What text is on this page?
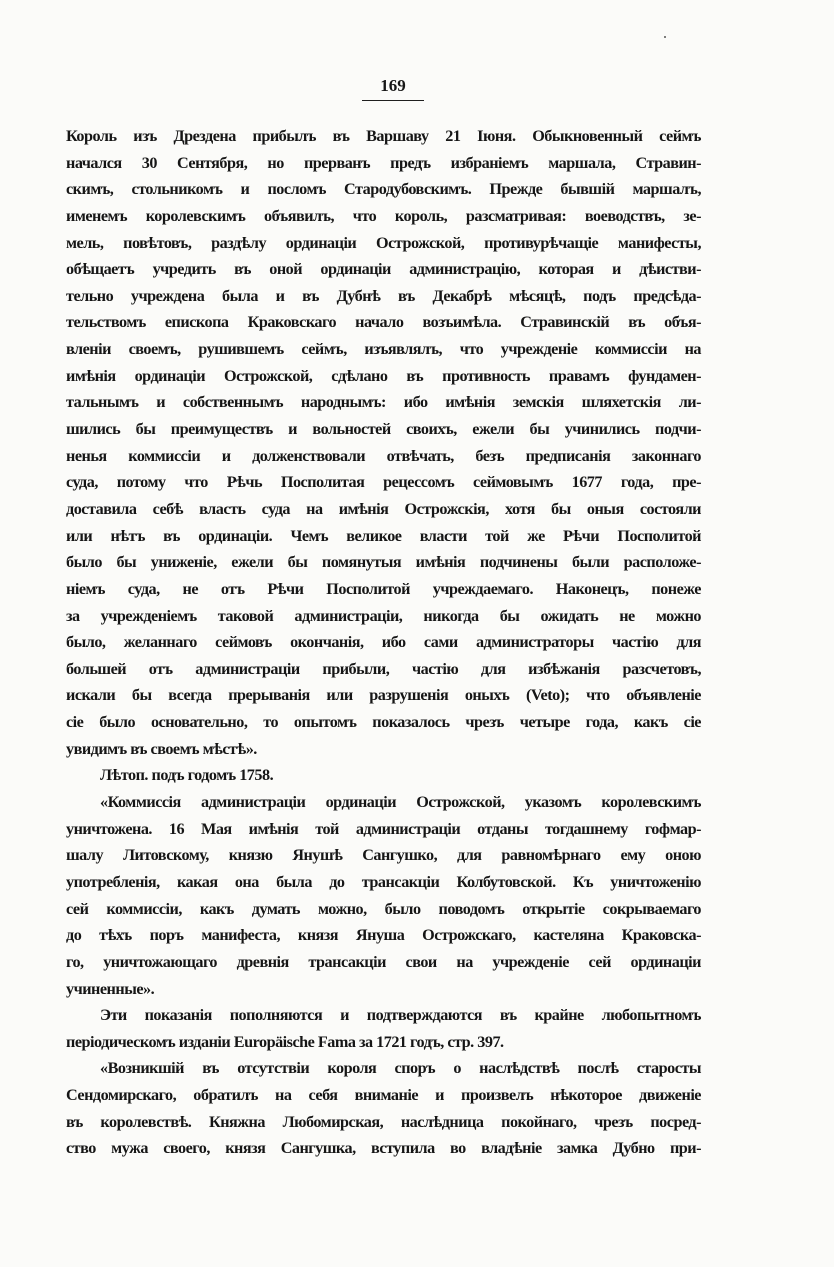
169
Король изъ Дрездена прибылъ въ Варшаву 21 Іюня. Обыкновенный сеймъ
начался 30 Сентября, но прерванъ предъ избраніемъ маршала, Стравин-
скимъ, стольникомъ и посломъ Стародубовскимъ. Прежде бывшій маршалъ,
именемъ королевскимъ объявилъ, что король, разсматривая: воеводствъ, зе-
мель, повѣтовъ, раздѣлу ординаціи Острожской, противурѣчащіе манифесты,
обѣщаетъ учредить въ оной ординаціи администрацію, которая и дѣистви-
тельно учреждена была и въ Дубнѣ въ Декабрѣ мѣсяцѣ, подъ предсѣда-
тельствомъ епископа Краковскаго начало возъимѣла. Стравинскій въ объя-
вленіи своемъ, рушившемъ сеймъ, изъявлялъ, что учрежденіе коммиссіи на
имѣнія ординаціи Острожской, сдѣлано въ противность правамъ фундамен-
тальнымъ и собственнымъ народнымъ: ибо имѣнія земскія шляхетскія ли-
шились бы преимуществъ и вольностей своихъ, ежели бы учинились подчи-
ненья коммиссіи и долженствовали отвѣчать, безъ предписанія законнаго
суда, потому что Рѣчь Посполитая рецессомъ сеймовымъ 1677 года, пре-
доставила себѣ власть суда на имѣнія Острожскія, хотя бы оныя состояли
или нѣтъ въ ординаціи. Чемъ великое власти той же Рѣчи Посполитой
было бы униженіе, ежели бы помянутыя имѣнія подчинены были расположе-
ніемъ суда, не отъ Рѣчи Посполитой учреждаемаго. Наконецъ, понеже
за учрежденіемъ таковой администраціи, никогда бы ожидать не можно
было, желаннаго сеймовъ окончанія, ибо сами администраторы частію для
большей отъ администраціи прибыли, частію для избѣжанія разсчетовъ,
искали бы всегда прерыванія или разрушенія оныхъ (Veto); что объявленіе
сіе было основательно, то опытомъ показалось чрезъ четыре года, какъ сіе
увидимъ въ своемъ мѣстѣ».
Лѣтоп. подъ годомъ 1758.
«Коммиссія администраціи ординаціи Острожской, указомъ королевскимъ
уничтожена. 16 Мая имѣнія той администраціи отданы тогдашнему гофмар-
шалу Литовскому, князю Янушѣ Сангушко, для равномѣрнаго ему оною
употребленія, какая она была до трансакціи Колбутовской. Къ уничтоженію
сей коммиссіи, какъ думать можно, было поводомъ открытіе сокрываемаго
до тѣхъ поръ манифеста, князя Януша Острожскаго, кастеляна Краковска-
го, уничтожающаго древнія трансакціи свои на учрежденіе сей ординаціи
учиненные».
Эти показанія пополняются и подтверждаются въ крайне любопытномъ
періодическомъ изданіи Europäische Fama за 1721 годъ, стр. 397.
«Возникшій въ отсутствіи короля споръ о наслѣдствѣ послѣ старосты
Сендомирскаго, обратилъ на себя вниманіе и произвелъ нѣкоторое движеніе
въ королевствѣ. Княжна Любомирская, наслѣдница покойнаго, чрезъ посред-
ство мужа своего, князя Сангушка, вступила во владѣніе замка Дубно при-
